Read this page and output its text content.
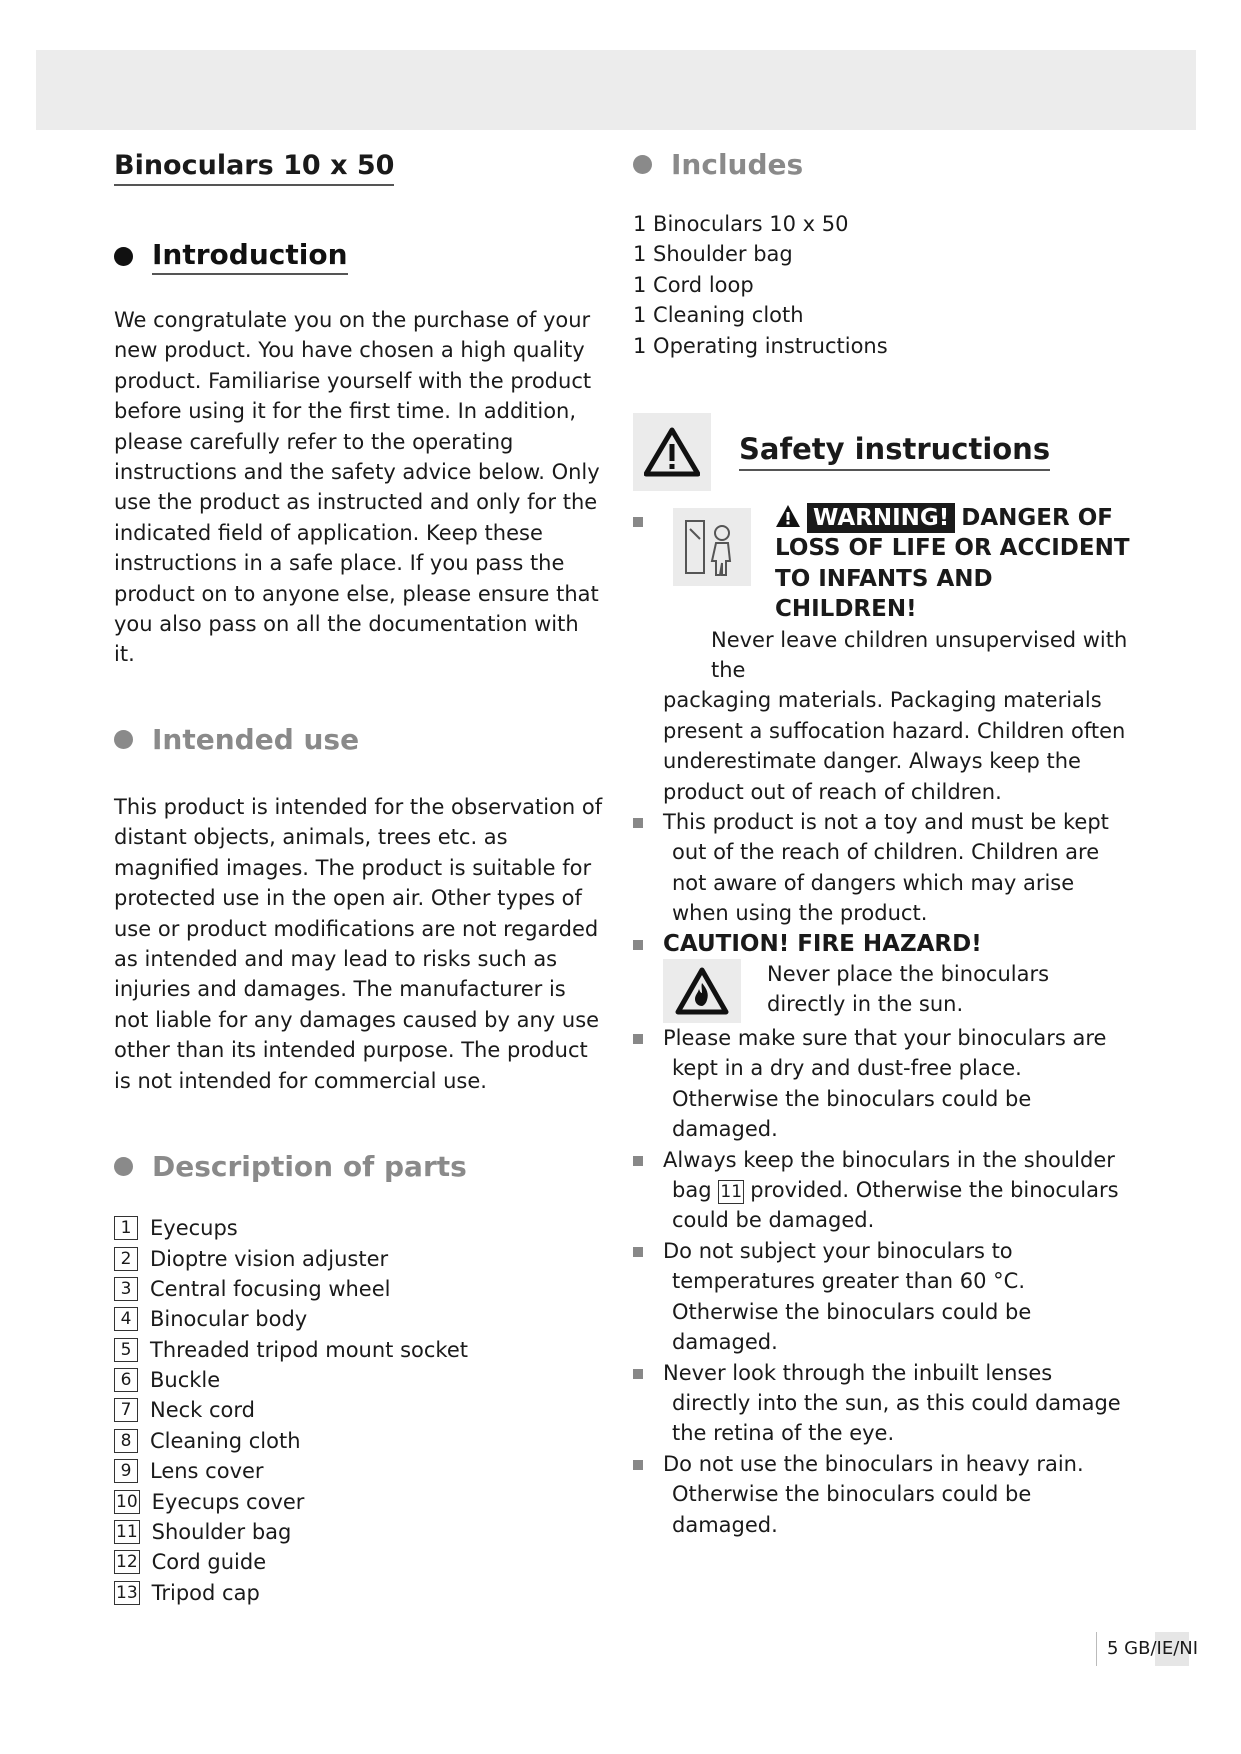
Binoculars 10 x 50
Introduction

We congratulate you on the purchase of your new product. You have chosen a high quality product. Familiarise yourself with the product before using it for the first time. In addition, please carefully refer to the operating instructions and the safety advice below. Only use the product as instructed and only for the indicated field of application. Keep these instructions in a safe place. If you pass the product on to anyone else, please ensure that you also pass on all the documentation with it.

Intended use

This product is intended for the observation of distant objects, animals, trees etc. as magnified images. The product is suitable for protected use in the open air. Other types of use or product modifications are not regarded as intended and may lead to risks such as injuries and damages. The manufacturer is not liable for any damages caused by any use other than its intended purpose. The product is not intended for commercial use.

Description of parts
1 Eyecups
2 Dioptre vision adjuster
3 Central focusing wheel
4 Binocular body
5 Threaded tripod mount socket
6 Buckle
7 Neck cord
8 Cleaning cloth
9 Lens cover
10 Eyecups cover
11 Shoulder bag
12 Cord guide
13 Tripod cap
Includes
1 Binoculars 10 x 50
1 Shoulder bag
1 Cord loop
1 Cleaning cloth
1 Operating instructions
Safety instructions
WARNING! DANGER OF
LOSS OF LIFE OR ACCIDENT
TO INFANTS AND CHILDREN!
Never leave children unsupervised with the
packaging materials. Packaging materials present a suffocation hazard. Children often underestimate danger. Always keep the product out of reach of children.
This product is not a toy and must be kept out of the reach of children. Children are not aware of dangers which may arise when using the product.
CAUTION! FIRE HAZARD!
Never place the binoculars directly in the sun.
Please make sure that your binoculars are kept in a dry and dust-free place. Otherwise the binoculars could be damaged.
Always keep the binoculars in the shoulder bag 11 provided. Otherwise the binoculars could be damaged.
Do not subject your binoculars to temperatures greater than 60 °C. Otherwise the binoculars could be damaged.
Never look through the inbuilt lenses directly into the sun, as this could damage the retina of the eye.
Do not use the binoculars in heavy rain. Otherwise the binoculars could be damaged.
5 GB/IE/NI
